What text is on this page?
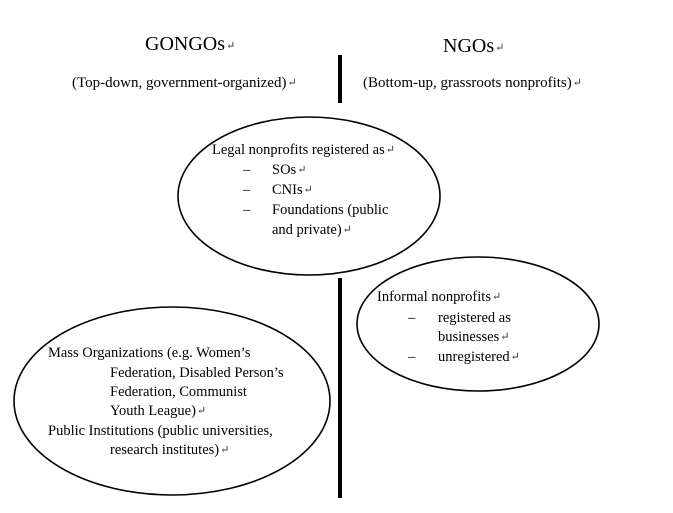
GONGOs↵	NGOs↵
(Top-down, government-organized)↵	(Bottom-up, grassroots nonprofits)↵
Legal nonprofits registered as↵
– SOs↵
– CNIs↵
– Foundations (public
and private)↵
Informal nonprofits↵
– registered as
businesses↵
– unregistered↵
Mass Organizations (e.g. Women’s
Federation, Disabled Person’s
Federation, Communist
Youth League)↵
Public Institutions (public universities,
research institutes)↵
